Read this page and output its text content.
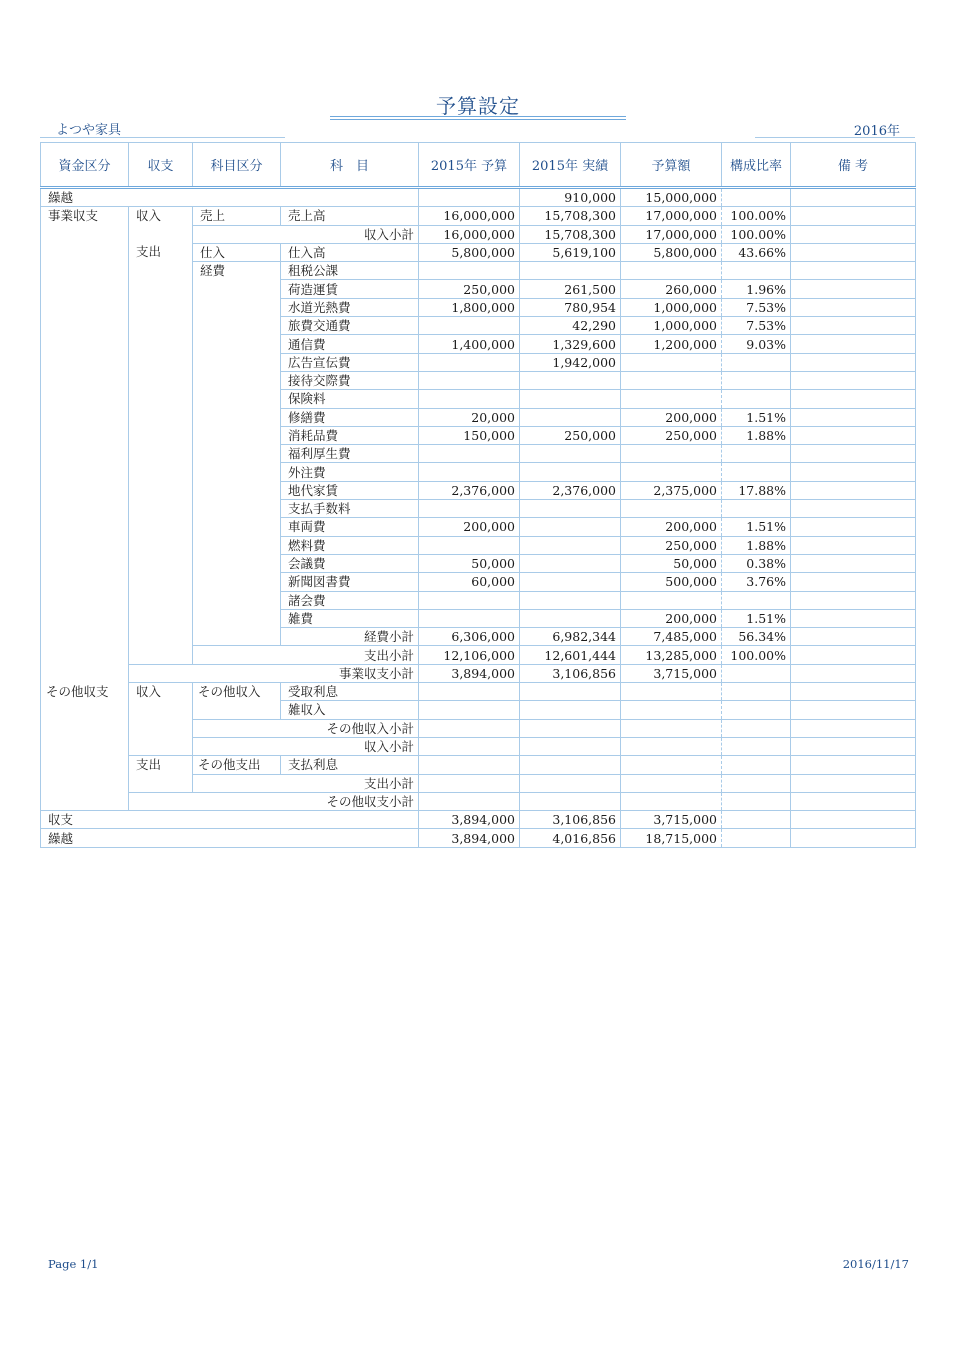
予算設定
よつや家具	2016年
資金区分	収支	科目区分	科　目	2015年 予算	2015年 実績	予算額	構成比率	備 考
繰越					910,000	15,000,000		
事業収支	収入	売上	売上高	16,000,000	15,708,300	17,000,000	100.00%	
		収入小計		16,000,000	15,708,300	17,000,000	100.00%	
	支出	仕入	仕入高	5,800,000	5,619,100	5,800,000	43.66%	
		経費	租税公課					
			荷造運賃	250,000	261,500	260,000	1.96%	
			水道光熱費	1,800,000	780,954	1,000,000	7.53%	
			旅費交通費		42,290	1,000,000	7.53%	
			通信費	1,400,000	1,329,600	1,200,000	9.03%	
			広告宣伝費		1,942,000			
			接待交際費					
			保険料					
			修繕費	20,000		200,000	1.51%	
			消耗品費	150,000	250,000	250,000	1.88%	
			福利厚生費					
			外注費					
			地代家賃	2,376,000	2,376,000	2,375,000	17.88%	
			支払手数料					
			車両費	200,000		200,000	1.51%	
			燃料費			250,000	1.88%	
			会議費	50,000		50,000	0.38%	
			新聞図書費	60,000		500,000	3.76%	
			諸会費					
			雑費			200,000	1.51%	
			経費小計	6,306,000	6,982,344	7,485,000	56.34%	
		支出小計		12,106,000	12,601,444	13,285,000	100.00%	
	事業収支小計			3,894,000	3,106,856	3,715,000		
その他収支	収入	その他収入	受取利息					
			雑収入					
		その他収入小計						
		収入小計						
	支出	その他支出	支払利息					
		支出小計						
	その他収支小計							
収支				3,894,000	3,106,856	3,715,000		
繰越				3,894,000	4,016,856	18,715,000		
Page 1/1	2016/11/17
